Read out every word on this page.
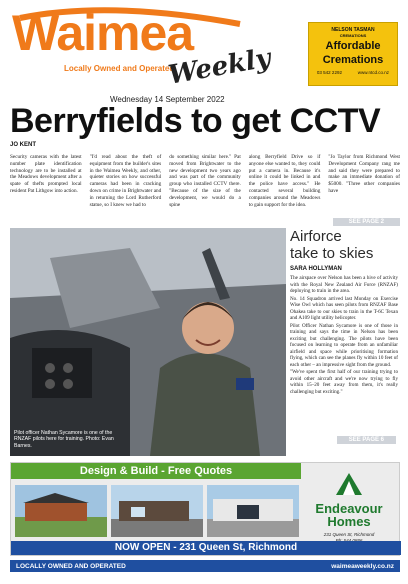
Waimea
Locally Owned and Operated
Weekly
Wednesday 14 September 2022
NELSON TASMAN
CREMATIONS
Affordable
Cremations
03 542 2292	www.ntcd.co.nz
Berryfields to get CCTV
JO KENT
Security cameras with the latest number plate identification technology are to be installed at the Meadows development after a spate of thefts prompted local resident Pat Lithgow into action.
"I'd read about the theft of equipment from the builder's sites in the Waimea Weekly, and other, quieter stories on how successful cameras had been in cracking down on crime in Brightwater and in returning the Lord Rutherford statue, so I knew we had to
do something similar here." Pat moved from Brightwater to the new development two years ago and was part of the community group who installed CCTV there. "Because of the size of the development, we would do a spine
along Berryfield Drive so if anyone else wanted to, they could put a camera in. Because it's online it could be linked in and the police have access." He contacted several building companies around the Meadows to gain support for the idea.
"Jo Taylor from Richmond West Development Company rang me and said they were prepared to make an immediate donation of $5000. "Three other companies have
SEE PAGE 2
Pilot officer Nathan Sycamore is one of the RNZAF pilots here for training. Photo: Evan Barnes.
Airforce
take to skies
SARA HOLLYMAN

The airspace over Nelson has been a hive of activity with the Royal New Zealand Air Force (RNZAF) deploying to train in the area.

No. 14 Squadron arrived last Monday on Exercise Wise Owl which has seen pilots from RNZAF Base Ohakea take to our skies to train in the T-6C Texan and A109 light utility helicopter.

Pilot Officer Nathan Sycamore is one of those in training and says the time in Nelson has been exciting but challenging. The pilots have been focused on learning to operate from an unfamiliar airfield and space while prioritising formation flying, which can see the planes fly within 10 feet of each other – an impressive sight from the ground.

"We've spent the first half of our training trying to avoid other aircraft and we're now trying to fly within 15–20 feet away from them, it's really challenging but exciting."

SEE PAGE 6
Design & Build - Free Quotes
Endeavour
Homes
231 Queen St, Richmond
NOW OPEN - 231 Queen St, Richmond
LOCALLY OWNED AND OPERATED	waimeaweekly.co.nz
